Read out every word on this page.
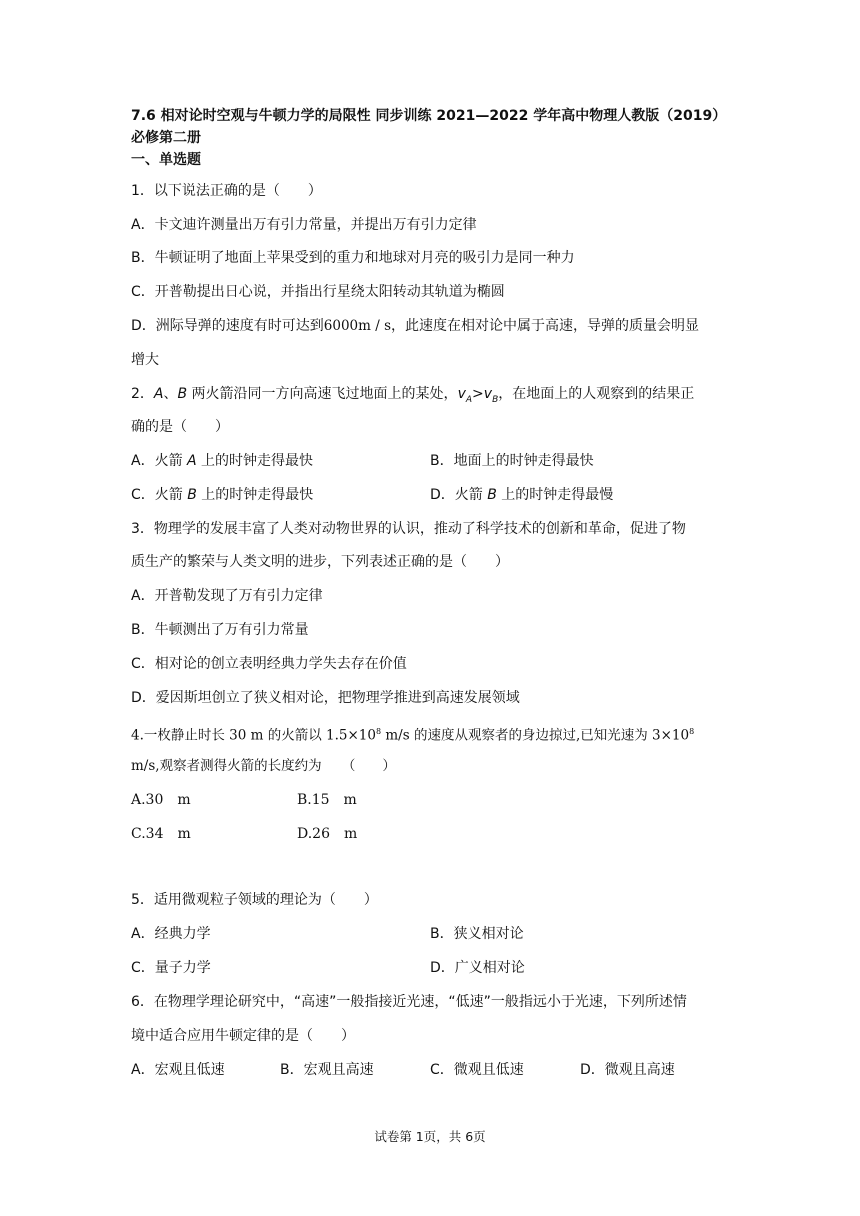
7.6 相对论时空观与牛顿力学的局限性 同步训练 2021—2022 学年高中物理人教版（2019）
必修第二册
一、单选题
1．以下说法正确的是（　　）
A．卡文迪许测量出万有引力常量，并提出万有引力定律
B．牛顿证明了地面上苹果受到的重力和地球对月亮的吸引力是同一种力
C．开普勒提出日心说，并指出行星绕太阳转动其轨道为椭圆
D．洲际导弹的速度有时可达到6000m / s，此速度在相对论中属于高速，导弹的质量会明显
增大
2．A、B 两火箭沿同一方向高速飞过地面上的某处，$v_A>v_B$，在地面上的人观察到的结果正
确的是（　　）
A．火箭 A 上的时钟走得最快	B．地面上的时钟走得最快
C．火箭 B 上的时钟走得最快	D．火箭 B 上的时钟走得最慢
3．物理学的发展丰富了人类对动物世界的认识，推动了科学技术的创新和革命，促进了物
质生产的繁荣与人类文明的进步，下列表述正确的是（　　）
A．开普勒发现了万有引力定律
B．牛顿测出了万有引力常量
C．相对论的创立表明经典力学失去存在价值
D．爱因斯坦创立了狭义相对论，把物理学推进到高速发展领域
4.一枚静止时长 30 m 的火箭以 $1.5\times 10^8$ m/s 的速度从观察者的身边掠过,已知光速为 $3\times 10^8$
m/s,观察者测得火箭的长度约为　　（　　）
A.30　m	B.15　m
C.34　m	D.26　m
5．适用微观粒子领域的理论为（　　）
A．经典力学	B．狭义相对论
C．量子力学	D．广义相对论
6．在物理学理论研究中，“高速”一般指接近光速，“低速”一般指远小于光速，下列所述情
境中适合应用牛顿定律的是（　　）
A．宏观且低速	B．宏观且高速	C．微观且低速	D．微观且高速
试卷第 1页，共 6页
